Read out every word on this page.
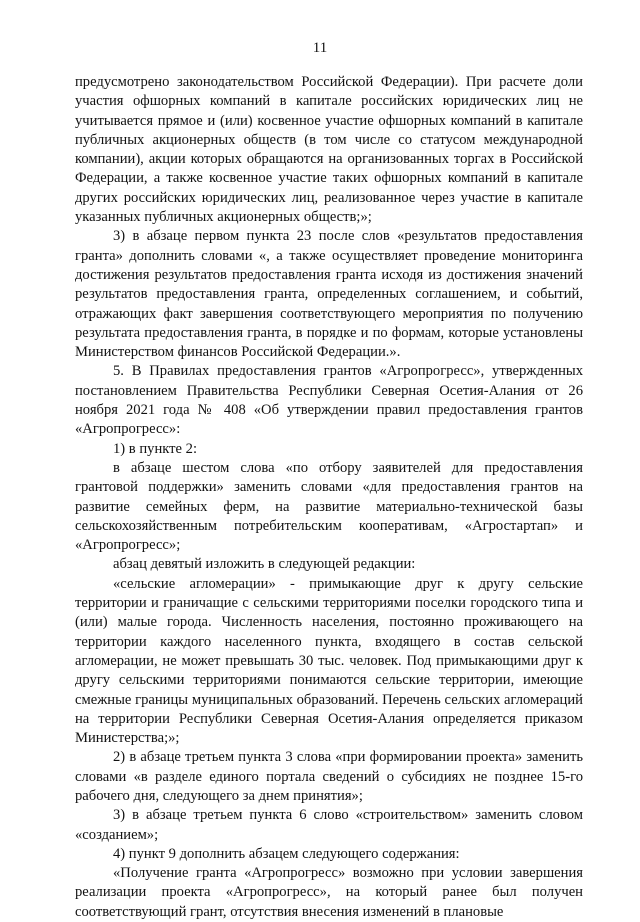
11

предусмотрено законодательством Российской Федерации). При расчете доли участия офшорных компаний в капитале российских юридических лиц не учитывается прямое и (или) косвенное участие офшорных компаний в капитале публичных акционерных обществ (в том числе со статусом международной компании), акции которых обращаются на организованных торгах в Российской Федерации, а также косвенное участие таких офшорных компаний в капитале других российских юридических лиц, реализованное через участие в капитале указанных публичных акционерных обществ;»;

3) в абзаце первом пункта 23 после слов «результатов предоставления гранта» дополнить словами «, а также осуществляет проведение мониторинга достижения результатов предоставления гранта исходя из достижения значений результатов предоставления гранта, определенных соглашением, и событий, отражающих факт завершения соответствующего мероприятия по получению результата предоставления гранта, в порядке и по формам, которые установлены Министерством финансов Российской Федерации.».

5. В Правилах предоставления грантов «Агропрогресс», утвержденных постановлением Правительства Республики Северная Осетия-Алания от 26 ноября 2021 года № 408 «Об утверждении правил предоставления грантов «Агропрогресс»:

1) в пункте 2:

в абзаце шестом слова «по отбору заявителей для предоставления грантовой поддержки» заменить словами «для предоставления грантов на развитие семейных ферм, на развитие материально-технической базы сельскохозяйственным потребительским кооперативам, «Агростартап» и «Агропрогресс»;

абзац девятый изложить в следующей редакции:

«сельские агломерации» - примыкающие друг к другу сельские территории и граничащие с сельскими территориями поселки городского типа и (или) малые города. Численность населения, постоянно проживающего на территории каждого населенного пункта, входящего в состав сельской агломерации, не может превышать 30 тыс. человек. Под примыкающими друг к другу сельскими территориями понимаются сельские территории, имеющие смежные границы муниципальных образований. Перечень сельских агломераций на территории Республики Северная Осетия-Алания определяется приказом Министерства;»;

2) в абзаце третьем пункта 3 слова «при формировании проекта» заменить словами «в разделе единого портала сведений о субсидиях не позднее 15-го рабочего дня, следующего за днем принятия»;

3) в абзаце третьем пункта 6 слово «строительством» заменить словом «созданием»;

4) пункт 9 дополнить абзацем следующего содержания:

«Получение гранта «Агропрогресс» возможно при условии завершения реализации проекта «Агропрогресс», на который ранее был получен соответствующий грант, отсутствия внесения изменений в плановые
